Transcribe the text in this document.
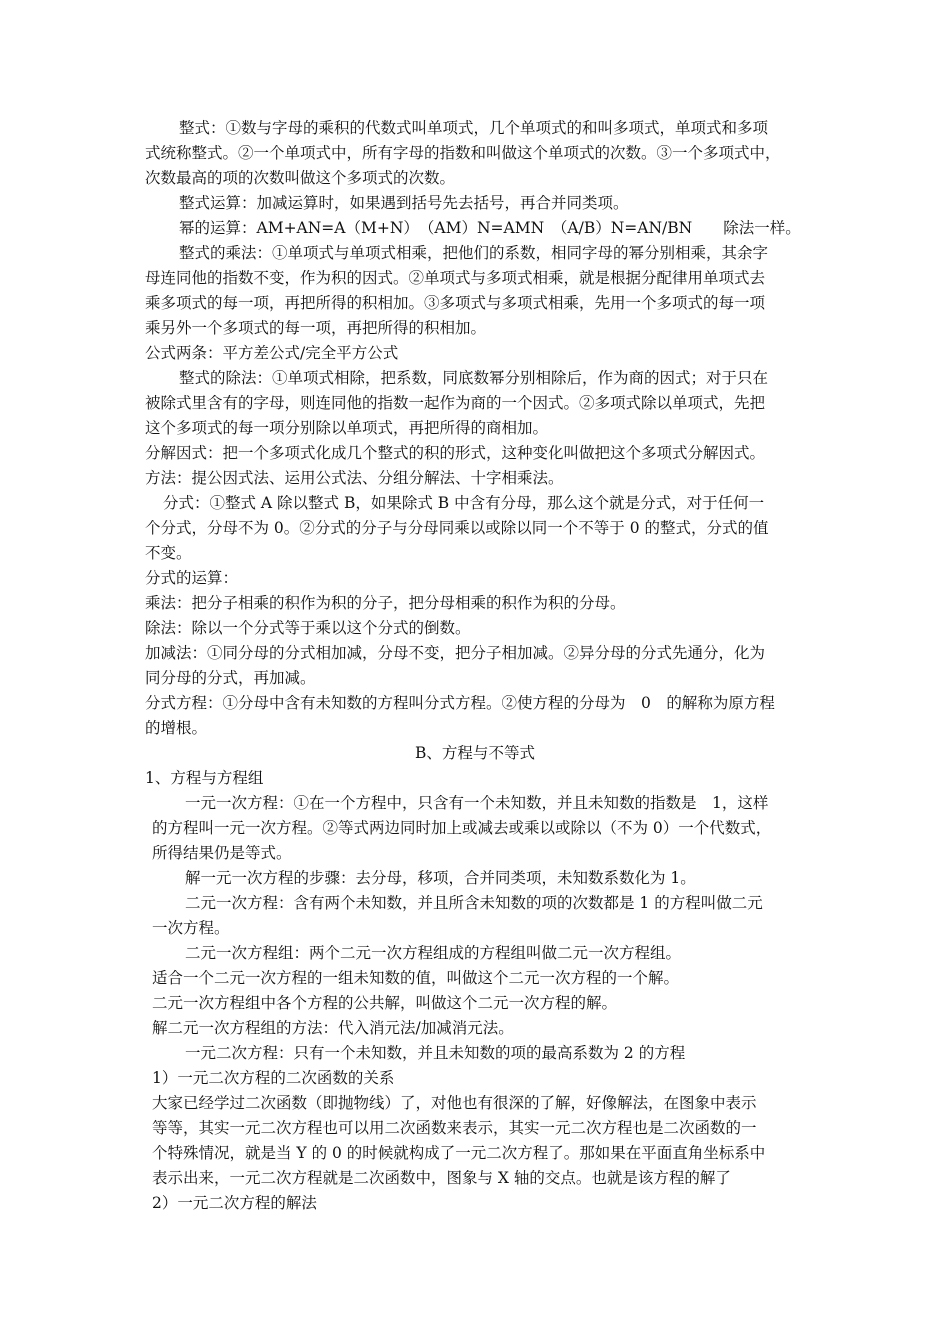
整式：①数与字母的乘积的代数式叫单项式，几个单项式的和叫多项式，单项式和多项
式统称整式。②一个单项式中，所有字母的指数和叫做这个单项式的次数。③一个多项式中，
次数最高的项的次数叫做这个多项式的次数。
整式运算：加减运算时，如果遇到括号先去括号，再合并同类项。
幂的运算：AM+AN=A（M+N）　（AM）N=AMN　（A/B）N=AN/BN　　除法一样。
整式的乘法：①单项式与单项式相乘，把他们的系数，相同字母的幂分别相乘，其余字
母连同他的指数不变，作为积的因式。②单项式与多项式相乘，就是根据分配律用单项式去
乘多项式的每一项，再把所得的积相加。③多项式与多项式相乘，先用一个多项式的每一项
乘另外一个多项式的每一项，再把所得的积相加。
公式两条：平方差公式/完全平方公式
整式的除法：①单项式相除，把系数，同底数幂分别相除后，作为商的因式；对于只在
被除式里含有的字母，则连同他的指数一起作为商的一个因式。②多项式除以单项式，先把
这个多项式的每一项分别除以单项式，再把所得的商相加。
分解因式：把一个多项式化成几个整式的积的形式，这种变化叫做把这个多项式分解因式。
方法：提公因式法、运用公式法、分组分解法、十字相乘法。
分式：①整式 A 除以整式 B，如果除式 B 中含有分母，那么这个就是分式，对于任何一
个分式，分母不为 0。②分式的分子与分母同乘以或除以同一个不等于 0 的整式，分式的值
不变。
分式的运算：
乘法：把分子相乘的积作为积的分子，把分母相乘的积作为积的分母。
除法：除以一个分式等于乘以这个分式的倒数。
加减法：①同分母的分式相加减，分母不变，把分子相加减。②异分母的分式先通分，化为
同分母的分式，再加减。
分式方程：①分母中含有未知数的方程叫分式方程。②使方程的分母为　0　的解称为原方程
的增根。
B、方程与不等式
1、方程与方程组
一元一次方程：①在一个方程中，只含有一个未知数，并且未知数的指数是　1，这样
的方程叫一元一次方程。②等式两边同时加上或减去或乘以或除以（不为 0）一个代数式，
所得结果仍是等式。
解一元一次方程的步骤：去分母，移项，合并同类项，未知数系数化为 1。
二元一次方程：含有两个未知数，并且所含未知数的项的次数都是 1 的方程叫做二元
一次方程。
二元一次方程组：两个二元一次方程组成的方程组叫做二元一次方程组。
适合一个二元一次方程的一组未知数的值，叫做这个二元一次方程的一个解。
二元一次方程组中各个方程的公共解，叫做这个二元一次方程的解。
解二元一次方程组的方法：代入消元法/加减消元法。
一元二次方程：只有一个未知数，并且未知数的项的最高系数为 2 的方程
1）一元二次方程的二次函数的关系
大家已经学过二次函数（即抛物线）了，对他也有很深的了解，好像解法，在图象中表示
等等，其实一元二次方程也可以用二次函数来表示，其实一元二次方程也是二次函数的一
个特殊情况，就是当 Y 的 0 的时候就构成了一元二次方程了。那如果在平面直角坐标系中
表示出来，一元二次方程就是二次函数中，图象与 X 轴的交点。也就是该方程的解了
2）一元二次方程的解法
